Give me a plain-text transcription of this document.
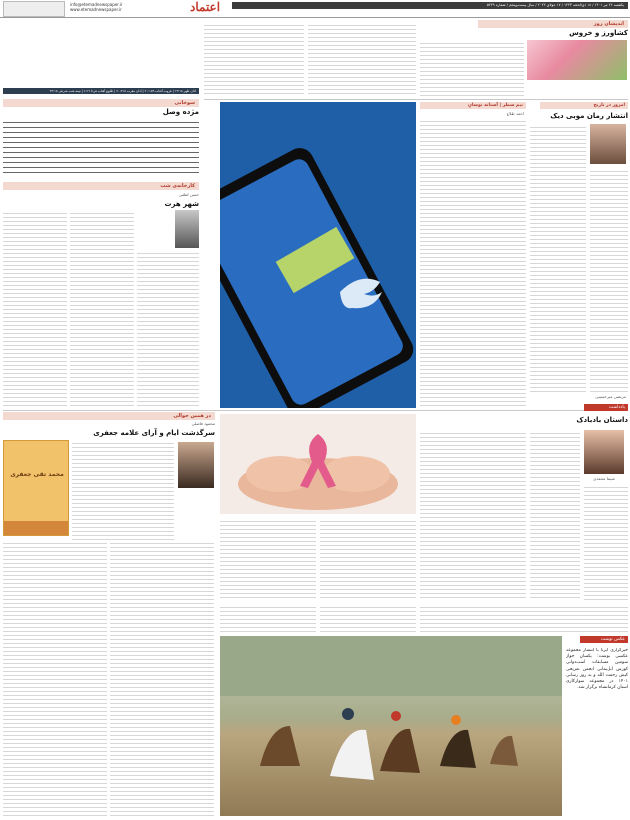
info@etemadnewspaper.ir
www.etemadnewspaper.ir	اعتماد	یکشنبه ۲۶ تیر ۱۴۰۱ / ۱۸ ذی‌الحجه ۱۴۴۳ / ۱۷ جولای ۲۰۲۲ / سال بیست‌وپنجم / شماره ۵۲۲۹
اذان ظهر ۱۳:۱۸ | غروب آفتاب ۲۰:۱۵۹ | اذان مغرب ۲۰:۲۱۸ | طلوع آفتاب فردا ۶:۱۹ | نیمه شب شرعی ۲۴:۱۸
اندیشان روز
کشاورز و خروس
امروز در تاریخ
انتشار رمان موبی دیک
مرتضی میرحسینی
نیم سطر | آستانه نوسانِ
احمد طلاع
سوخانی
مژده وصل
کارخانه‌ی شب
حسن لطفی
شهر هرت
یادداشت
داستان بادبادک
شیما محمدی
در همین حوالی
محمود فاضلی
سرگذشت ایام و آرای علامه جعفری
محمد تقی جعفری
عکس نوشت
خبرگزاری ایرنا با انتشار مجموعه عکسی نوشت: یکسان جواز سومین مسابقات اسب‌دوانی کورس ابل‌یمانی انجمن تفریحی کیش رحمت الله و به روز رسانی ۱۴۰۱ در مجموعه سوارکاری استان کرمانشاه برگزار شد.
